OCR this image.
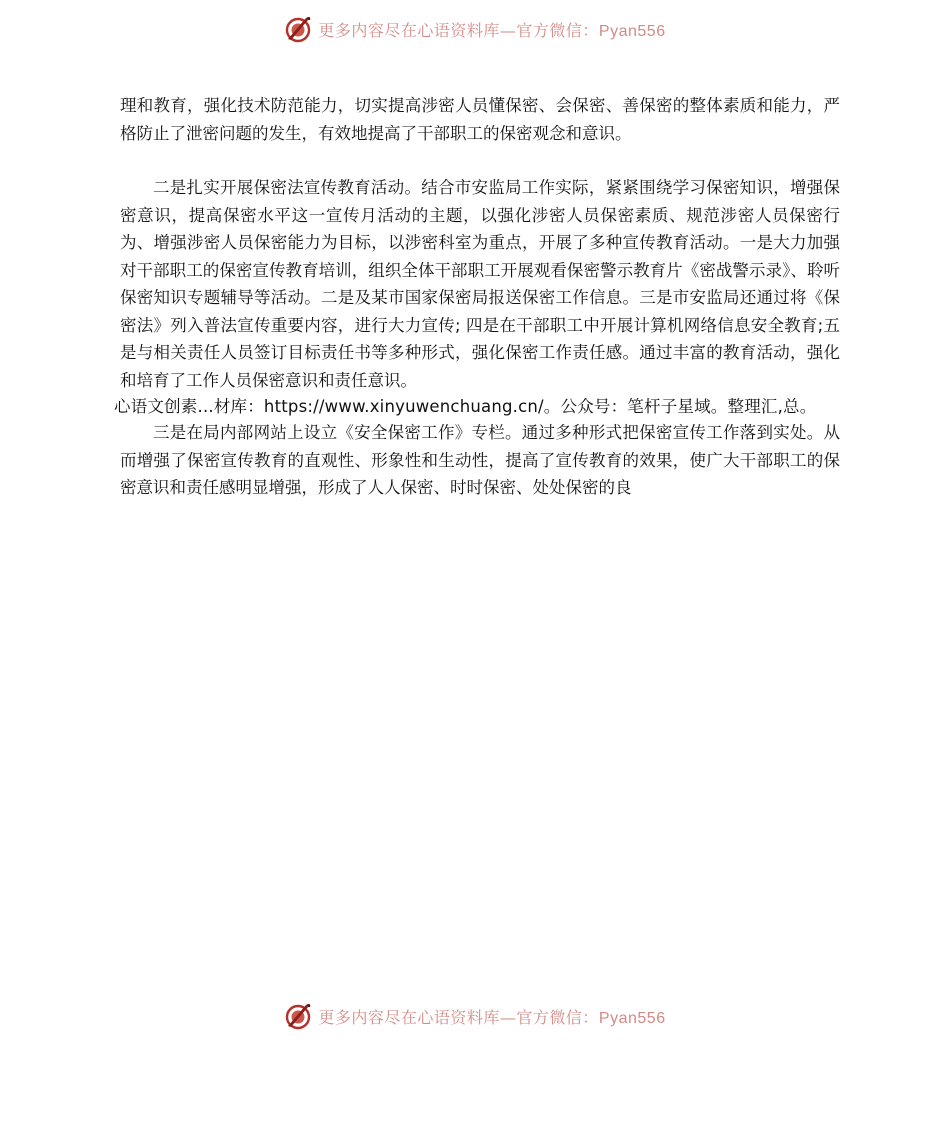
更多内容尽在心语资料库—官方微信：Pyan556

理和教育，强化技术防范能力，切实提高涉密人员懂保密、会保密、善保密的整体素质和能力，严格防止了泄密问题的发生，有效地提高了干部职工的保密观念和意识。

二是扎实开展保密法宣传教育活动。结合市安监局工作实际，紧紧围绕学习保密知识，增强保密意识，提高保密水平这一宣传月活动的主题，以强化涉密人员保密素质、规范涉密人员保密行为、增强涉密人员保密能力为目标，以涉密科室为重点，开展了多种宣传教育活动。一是大力加强对干部职工的保密宣传教育培训，组织全体干部职工开展观看保密警示教育片《密战警示录》、聆听保密知识专题辅导等活动。二是及某市国家保密局报送保密工作信息。三是市安监局还通过将《保密法》列入普法宣传重要内容，进行大力宣传; 四是在干部职工中开展计算机网络信息安全教育;五是与相关责任人员签订目标责任书等多种形式，强化保密工作责任感。通过丰富的教育活动，强化和培育了工作人员保密意识和责任意识。

心语文创素...材库：https://www.xinyuwenchuang.cn/。公众号：笔杆子星域。整理汇,总。

三是在局内部网站上设立《安全保密工作》专栏。通过多种形式把保密宣传工作落到实处。从而增强了保密宣传教育的直观性、形象性和生动性，提高了宣传教育的效果，使广大干部职工的保密意识和责任感明显增强，形成了人人保密、时时保密、处处保密的良

更多内容尽在心语资料库—官方微信：Pyan556
